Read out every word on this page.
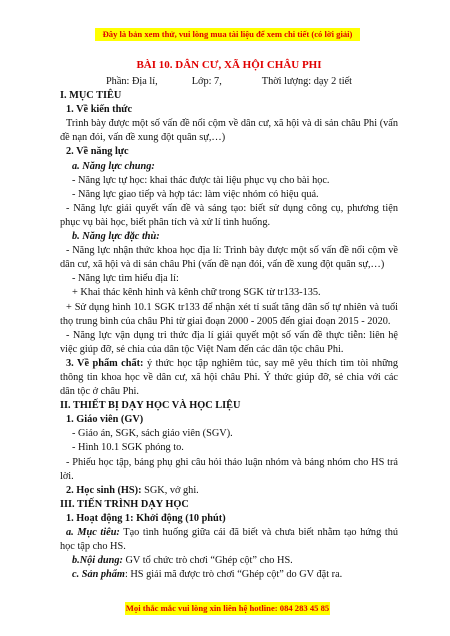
Đây là bản xem thử, vui lòng mua tài liệu để xem chi tiết (có lời giải)
BÀI 10. DÂN CƯ, XÃ HỘI CHÂU PHI
Phần: Địa lí,	Lớp: 7,	Thời lượng: dạy 2 tiết
I. MỤC TIÊU
1. Về kiến thức
Trình bày được một số vấn đề nổi cộm về dân cư, xã hội và di sản châu Phi (vấn đề nạn đói, vấn đề xung đột quân sự,…)
2. Về năng lực
a. Năng lực chung:
- Năng lực tự học: khai thác được tài liệu phục vụ cho bài học.
- Năng lực giao tiếp và hợp tác: làm việc nhóm có hiệu quả.
- Năng lực giải quyết vấn đề và sáng tạo: biết sử dụng công cụ, phương tiện phục vụ bài học, biết phân tích và xử lí tình huống.
b. Năng lực đặc thù:
- Năng lực nhận thức khoa học địa lí: Trình bày được một số vấn đề nổi cộm về dân cư, xã hội và di sản châu Phi (vấn đề nạn đói, vấn đề xung đột quân sự,…)
- Năng lực tìm hiểu địa lí:
+ Khai thác kênh hình và kênh chữ trong SGK từ tr133-135.
+ Sử dụng hình 10.1 SGK tr133 để nhận xét tỉ suất tăng dân số tự nhiên và tuổi thọ trung bình của châu Phi từ giai đoạn 2000 - 2005 đến giai đoạn 2015 - 2020.
- Năng lực vận dụng tri thức địa lí giải quyết một số vấn đề thực tiễn: liên hệ việc giúp đỡ, sẻ chia của dân tộc Việt Nam đến các dân tộc châu Phi.
3. Về phẩm chất: ý thức học tập nghiêm túc, say mê yêu thích tìm tòi những thông tin khoa học về dân cư, xã hội châu Phi. Ý thức giúp đỡ, sẻ chia với các dân tộc ở châu Phi.
II. THIẾT BỊ DẠY HỌC VÀ HỌC LIỆU
1. Giáo viên (GV)
- Giáo án, SGK, sách giáo viên (SGV).
- Hình 10.1 SGK phóng to.
- Phiếu học tập, bảng phụ ghi câu hỏi thảo luận nhóm và bảng nhóm cho HS trả lời.
2. Học sinh (HS): SGK, vở ghi.
III. TIẾN TRÌNH DẠY HỌC
1. Hoạt động 1: Khởi động (10 phút)
a. Mục tiêu: Tạo tình huống giữa cái đã biết và chưa biết nhằm tạo hứng thú học tập cho HS.
b.Nội dung: GV tổ chức trò chơi “Ghép cột” cho HS.
c. Sản phẩm: HS giải mã được trò chơi “Ghép cột” do GV đặt ra.
Mọi thắc mắc vui lòng xin liên hệ hotline: 084 283 45 85
